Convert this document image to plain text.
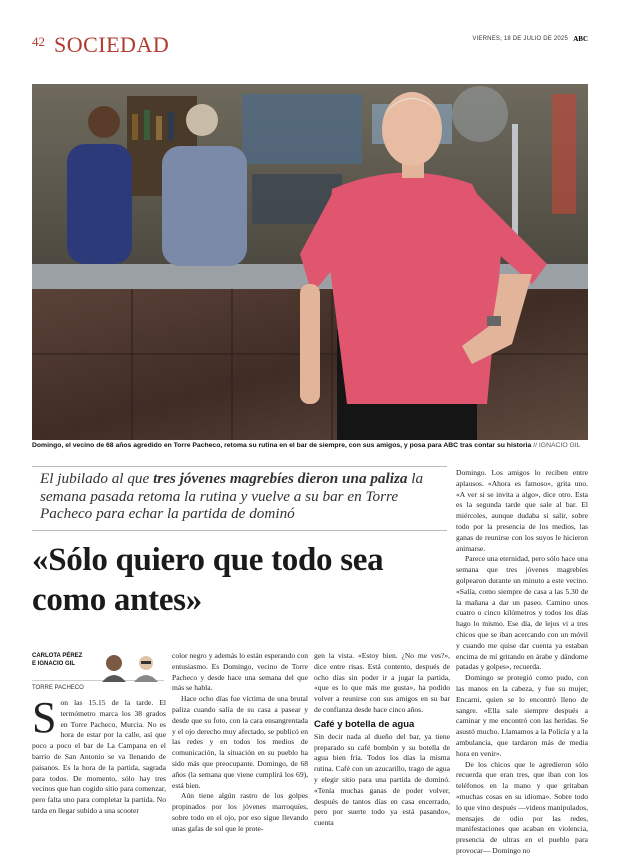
42 SOCIEDAD	VIERNES, 18 DE JULIO DE 2025 ABC
Domingo, el vecino de 68 años agredido en Torre Pacheco, retoma su rutina en el bar de siempre, con sus amigos, y posa para ABC tras contar su historia // IGNACIO GIL
El jubilado al que tres jóvenes magrebíes dieron una paliza la semana pasada retoma la rutina y vuelve a su bar en Torre Pacheco para echar la partida de dominó
«Sólo quiero que todo sea como antes»
CARLOTA PÉREZ
E IGNACIO GIL
TORRE PACHECO

Son las 15.15 de la tarde. El termómetro marca los 38 grados en Torre Pacheco, Murcia. No es hora de estar por la calle, así que poco a poco el bar de La Campana en el barrio de San Antonio se va llenando de paisanos. Es la hora de la partida, sagrada para todos. De momento, sólo hay tres vecinos que han cogido sitio para comenzar, pero falta uno para completar la partida. No tarda en llegar subido a una scooter

color negro y además lo están esperando con entusiasmo. Es Domingo, vecino de Torre Pacheco y desde hace una semana del que más se habla.

Hace ocho días fue víctima de una brutal paliza cuando salía de su casa a pasear y desde que su foto, con la cara ensangrentada y el ojo derecho muy afectado, se publicó en las redes y en todos los medios de comunicación, la situación en su pueblo ha sido más que preocupante. Domingo, de 68 años (la semana que viene cumplirá los 69), está bien.

Aún tiene algún rastro de los golpes propinados por los jóvenes marroquíes, sobre todo en el ojo, por eso sigue llevando unas gafas de sol que le prote-

gen la vista. «Estoy bien. ¿No me ves?», dice entre risas. Está contento, después de ocho días sin poder ir a jugar la partida, «que es lo que más me gusta», ha podido volver a reunirse con sus amigos en su bar de confianza desde hace cinco años.

Café y botella de agua

Sin decir nada al dueño del bar, ya tiene preparado su café bombón y su botella de agua bien fría. Todos los días la misma rutina. Café con un azucarillo, trago de agua y elegir sitio para una partida de dominó. «Tenía muchas ganas de poder volver, después de tantos días en casa encerrado, pero por suerte todo ya está pasando», cuenta

Domingo. Los amigos lo reciben entre aplausos. «Ahora es famoso», grita uno. «A ver si se invita a algo», dice otro. Esta es la segunda tarde que sale al bar. El miércoles, aunque dudaba si salir, sobre todo por la presencia de los medios, las ganas de reunirse con los suyos le hicieron animarse.

Parece una eternidad, pero sólo hace una semana que tres jóvenes magrebíes golpearon durante un minuto a este vecino. «Salía, como siempre de casa a las 5.30 de la mañana a dar un paseo. Camino unos cuatro o cinco kilómetros y todos los días hago lo mismo. Ese día, de lejos vi a tres chicos que se iban acercando con un móvil y cuando me quise dar cuenta ya estaban encima de mí gritando en árabe y dándome patadas y golpes», recuerda.

Domingo se protegió como pudo, con las manos en la cabeza, y fue su mujer, Encarni, quien se lo encontró lleno de sangre. «Ella sale siempre después a caminar y me encontró con las heridas. Se asustó mucho. Llamamos a la Policía y a la ambulancia, que tardaron más de media hora en venir».

De los chicos que le agredieron sólo recuerda que eran tres, que iban con los teléfonos en la mano y que gritaban «muchas cosas en su idioma». Sobre todo lo que vino después —videos manipulados, mensajes de odio por las redes, manifestaciones que acaban en violencia, presencia de ultras en el pueblo para provocar— Domingo no
